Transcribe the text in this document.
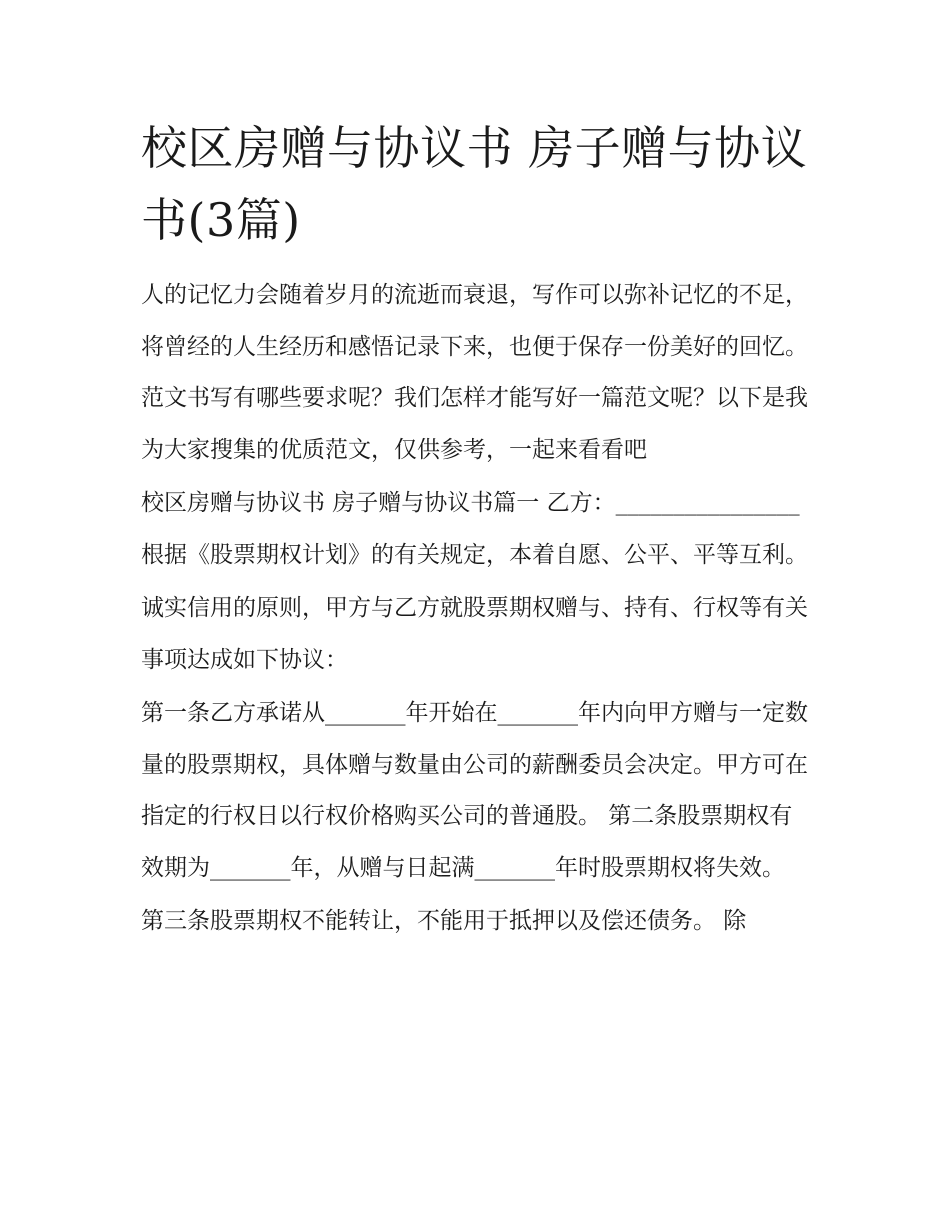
校区房赠与协议书 房子赠与协议书(3篇)

人的记忆力会随着岁月的流逝而衰退，写作可以弥补记忆的不足，将曾经的人生经历和感悟记录下来，也便于保存一份美好的回忆。范文书写有哪些要求呢？我们怎样才能写好一篇范文呢？以下是我为大家搜集的优质范文，仅供参考，一起来看看吧

校区房赠与协议书 房子赠与协议书篇一 乙方：________________ 根据《股票期权计划》的有关规定，本着自愿、公平、平等互利。

诚实信用的原则，甲方与乙方就股票期权赠与、持有、行权等有关事项达成如下协议：

第一条乙方承诺从_______年开始在_______年内向甲方赠与一定数量的股票期权，具体赠与数量由公司的薪酬委员会决定。甲方可在指定的行权日以行权价格购买公司的普通股。 第二条股票期权有效期为_______年，从赠与日起满_______年时股票期权将失效。

第三条股票期权不能转让，不能用于抵押以及偿还债务。 除
